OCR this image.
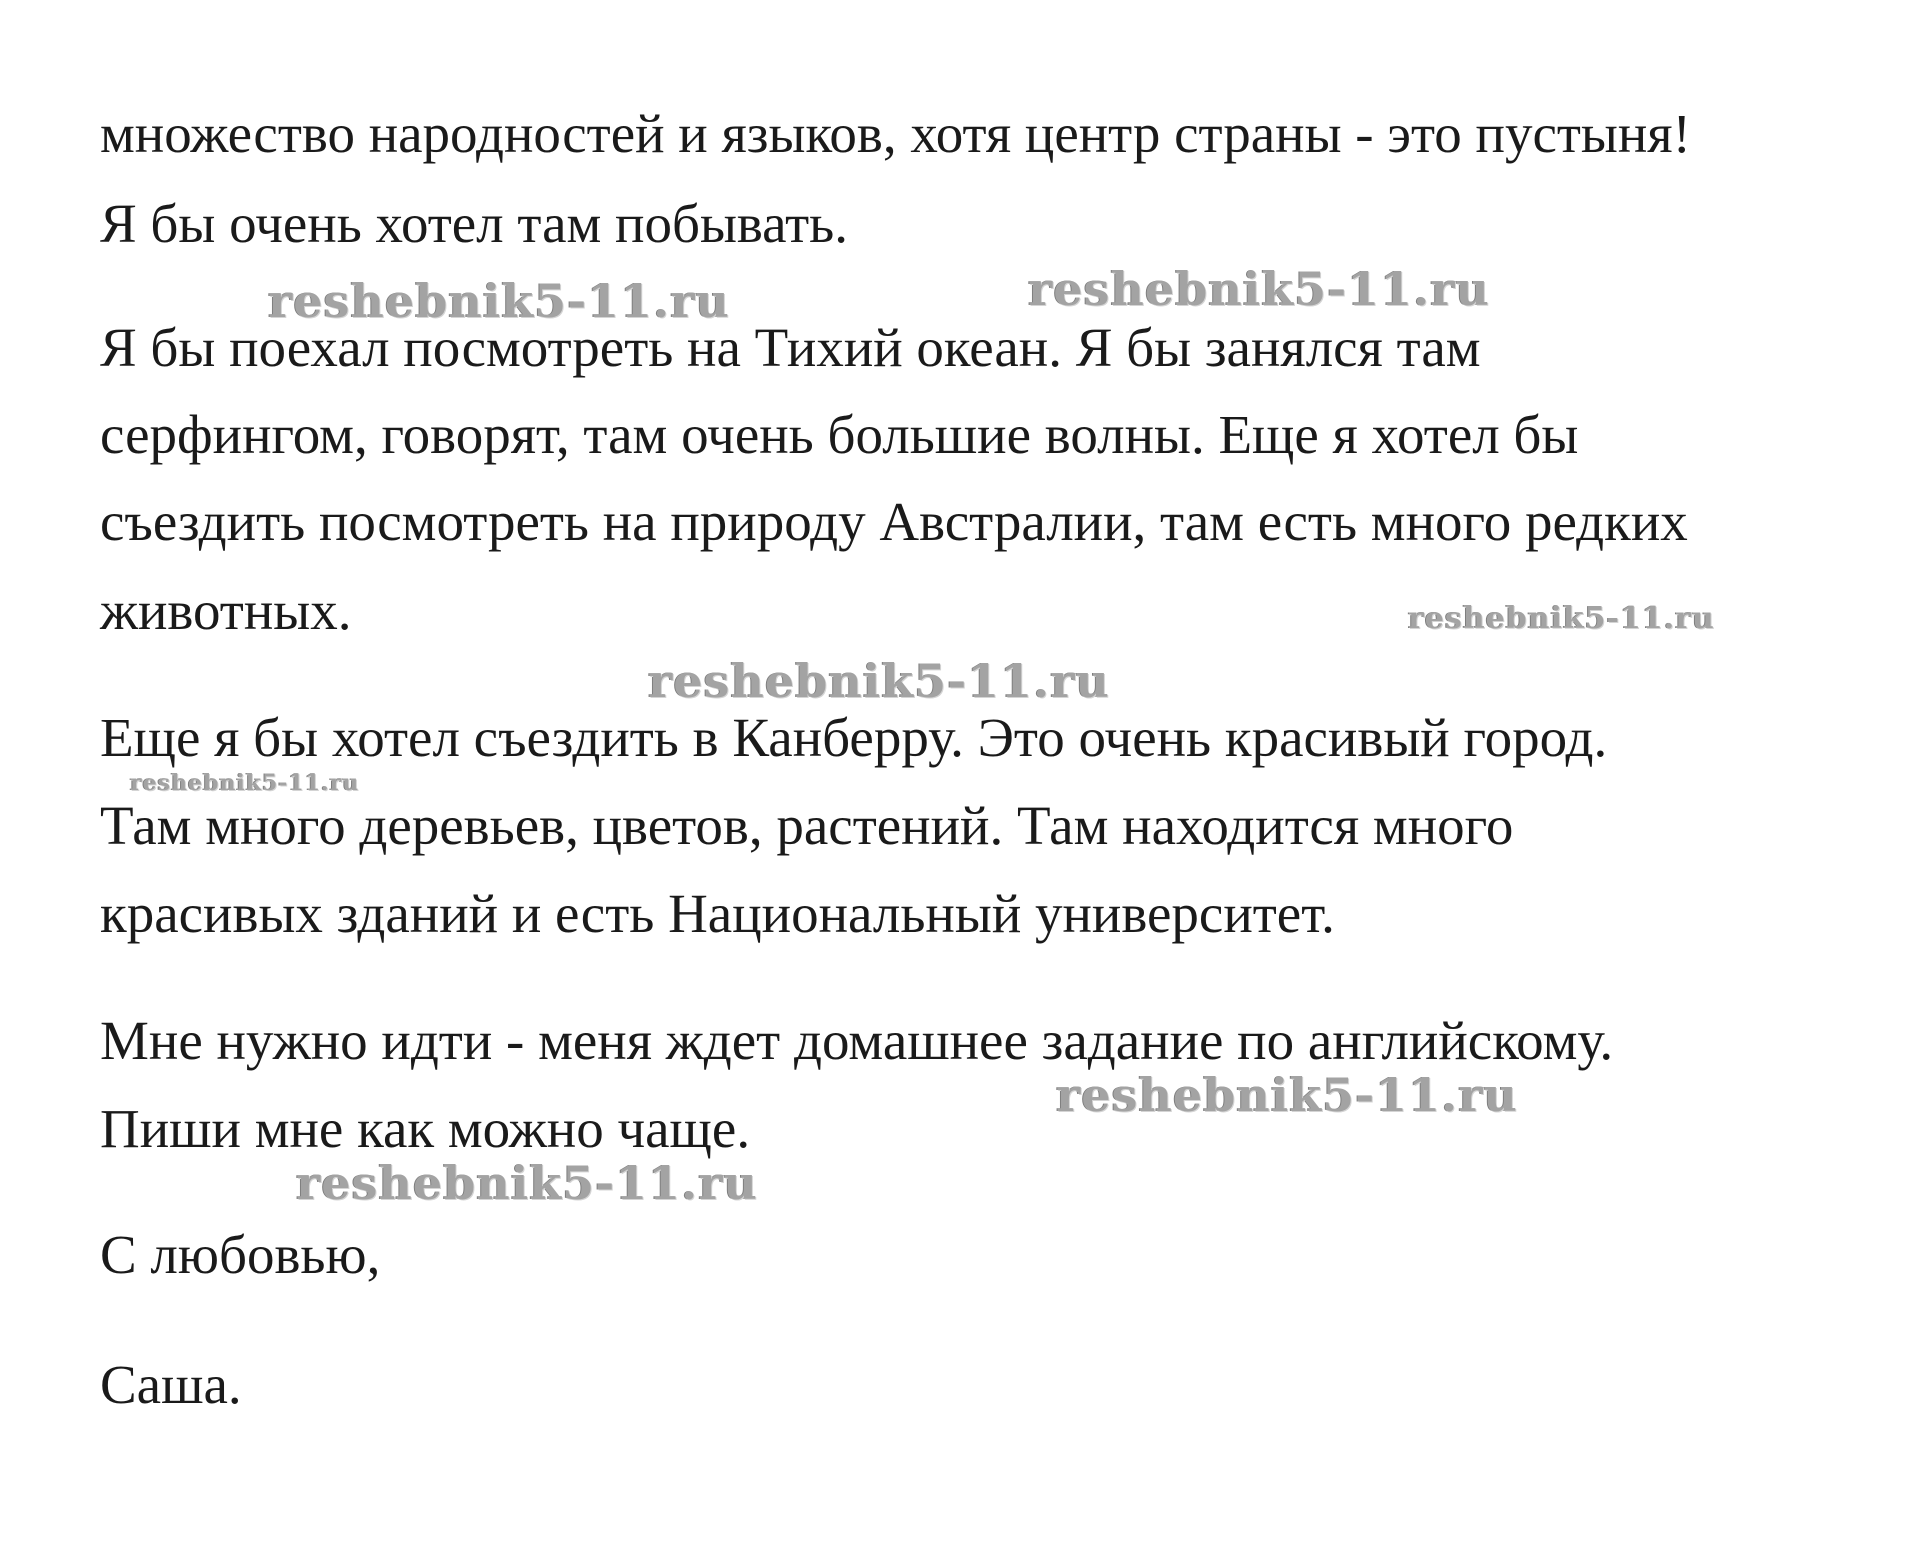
множество народностей и языков, хотя центр страны - это пустыня!
Я бы очень хотел там побывать.
Я бы поехал посмотреть на Тихий океан. Я бы занялся там
серфингом, говорят, там очень большие волны. Еще я хотел бы
съездить посмотреть на природу Австралии, там есть много редких
животных.
Еще я бы хотел съездить в Канберру. Это очень красивый город.
Там много деревьев, цветов, растений. Там находится много
красивых зданий и есть Национальный университет.
Мне нужно идти - меня ждет домашнее задание по английскому.
Пиши мне как можно чаще.
С любовью,
Саша.
reshebnik5-11.ru	reshebnik5-11.ru
reshebnik5-11.ru
reshebnik5-11.ru
reshebnik5-11.ru
reshebnik5-11.ru
reshebnik5-11.ru
